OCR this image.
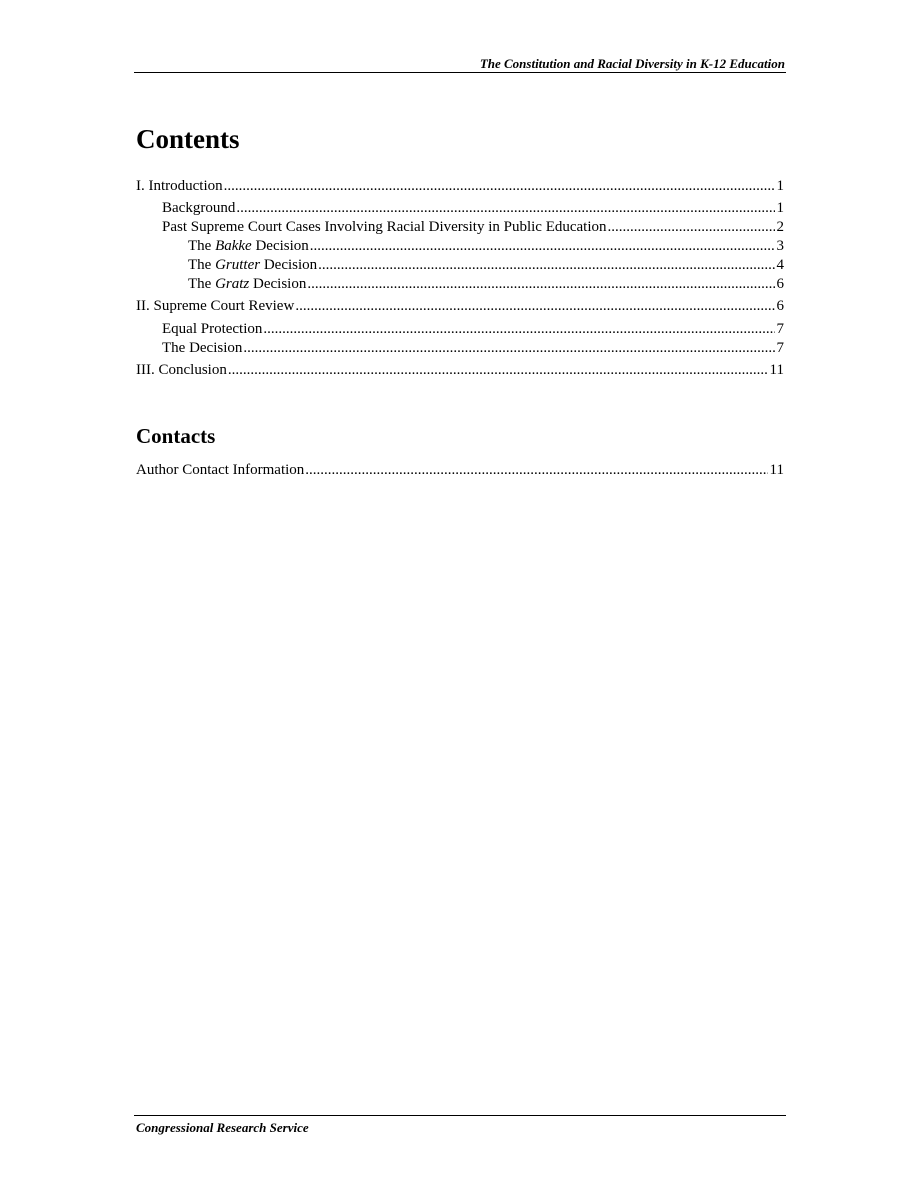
The Constitution and Racial Diversity in K-12 Education
Contents
I. Introduction .....	1
Background .....	1
Past Supreme Court Cases Involving Racial Diversity in Public Education .....	2
The Bakke Decision .....	3
The Grutter Decision .....	4
The Gratz Decision .....	6
II. Supreme Court Review .....	6
Equal Protection .....	7
The Decision .....	7
III. Conclusion .....	11
Contacts
Author Contact Information .....	11
Congressional Research Service
